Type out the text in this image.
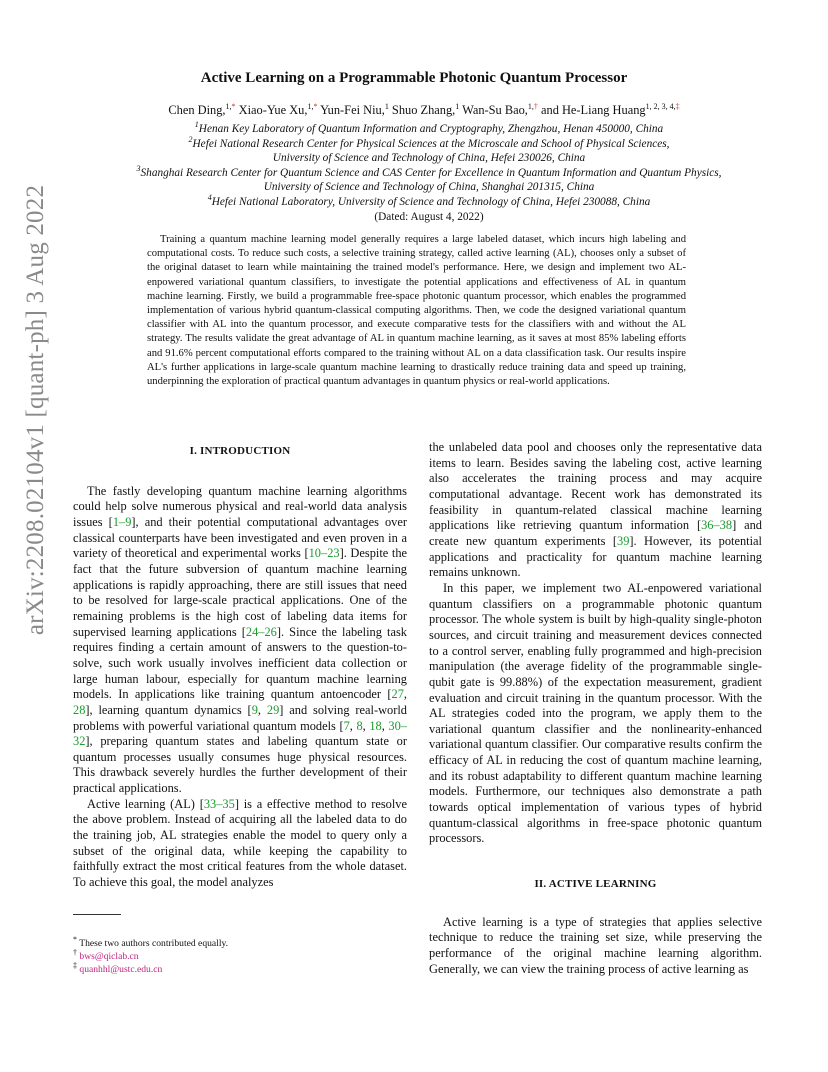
arXiv:2208.02104v1 [quant-ph] 3 Aug 2022
Active Learning on a Programmable Photonic Quantum Processor
Chen Ding,$^{1,*}$ Xiao-Yue Xu,$^{1,*}$ Yun-Fei Niu,$^1$ Shuo Zhang,$^1$ Wan-Su Bao,$^{1,\dagger}$ and He-Liang Huang$^{1, 2, 3, 4,\ddagger}$
$^1$Henan Key Laboratory of Quantum Information and Cryptography, Zhengzhou, Henan 450000, China
$^2$Hefei National Research Center for Physical Sciences at the Microscale and School of Physical Sciences,
University of Science and Technology of China, Hefei 230026, China
$^3$Shanghai Research Center for Quantum Science and CAS Center for Excellence in Quantum Information and Quantum Physics,
University of Science and Technology of China, Shanghai 201315, China
$^4$Hefei National Laboratory, University of Science and Technology of China, Hefei 230088, China
(Dated: August 4, 2022)
Training a quantum machine learning model generally requires a large labeled dataset, which incurs high labeling and computational costs. To reduce such costs, a selective training strategy, called active learning (AL), chooses only a subset of the original dataset to learn while maintaining the trained model's performance. Here, we design and implement two AL-enpowered variational quantum classifiers, to investigate the potential applications and effectiveness of AL in quantum machine learning. Firstly, we build a programmable free-space photonic quantum processor, which enables the programmed implementation of various hybrid quantum-classical computing algorithms. Then, we code the designed variational quantum classifier with AL into the quantum processor, and execute comparative tests for the classifiers with and without the AL strategy. The results validate the great advantage of AL in quantum machine learning, as it saves at most 85% labeling efforts and 91.6% percent computational efforts compared to the training without AL on a data classification task. Our results inspire AL's further applications in large-scale quantum machine learning to drastically reduce training data and speed up training, underpinning the exploration of practical quantum advantages in quantum physics or real-world applications.
I. INTRODUCTION

The fastly developing quantum machine learning algorithms could help solve numerous physical and real-world data analysis issues [1–9], and their potential computational advantages over classical counterparts have been investigated and even proven in a variety of theoretical and experimental works [10–23]. Despite the fact that the future subversion of quantum machine learning applications is rapidly approaching, there are still issues that need to be resolved for large-scale practical applications. One of the remaining problems is the high cost of labeling data items for supervised learning applications [24–26]. Since the labeling task requires finding a certain amount of answers to the question-to-solve, such work usually involves inefficient data collection or large human labour, especially for quantum machine learning models. In applications like training quantum antoencoder [27, 28], learning quantum dynamics [9, 29] and solving real-world problems with powerful variational quantum models [7, 8, 18, 30–32], preparing quantum states and labeling quantum state or quantum processes usually consumes huge physical resources. This drawback severely hurdles the further development of their practical applications.

Active learning (AL) [33–35] is a effective method to resolve the above problem. Instead of acquiring all the labeled data to do the training job, AL strategies enable the model to query only a subset of the original data, while keeping the capability to faithfully extract the most critical features from the whole dataset. To achieve this goal, the model analyzes

the unlabeled data pool and chooses only the representative data items to learn. Besides saving the labeling cost, active learning also accelerates the training process and may acquire computational advantage. Recent work has demonstrated its feasibility in quantum-related classical machine learning applications like retrieving quantum information [36–38] and create new quantum experiments [39]. However, its potential applications and practicality for quantum machine learning remains unknown.

In this paper, we implement two AL-enpowered variational quantum classifiers on a programmable photonic quantum processor. The whole system is built by high-quality single-photon sources, and circuit training and measurement devices connected to a control server, enabling fully programmed and high-precision manipulation (the average fidelity of the programmable single-qubit gate is 99.88%) of the expectation measurement, gradient evaluation and circuit training in the quantum processor. With the AL strategies coded into the program, we apply them to the variational quantum classifier and the nonlinearity-enhanced variational quantum classifier. Our comparative results confirm the efficacy of AL in reducing the cost of quantum machine learning, and its robust adaptability to different quantum machine learning models. Furthermore, our techniques also demonstrate a path towards optical implementation of various types of hybrid quantum-classical algorithms in free-space photonic quantum processors.

II. ACTIVE LEARNING

Active learning is a type of strategies that applies selective technique to reduce the training set size, while preserving the performance of the original machine learning algorithm. Generally, we can view the training process of active learning as

* These two authors contributed equally.
† bws@qiclab.cn
‡ quanhhl@ustc.edu.cn
